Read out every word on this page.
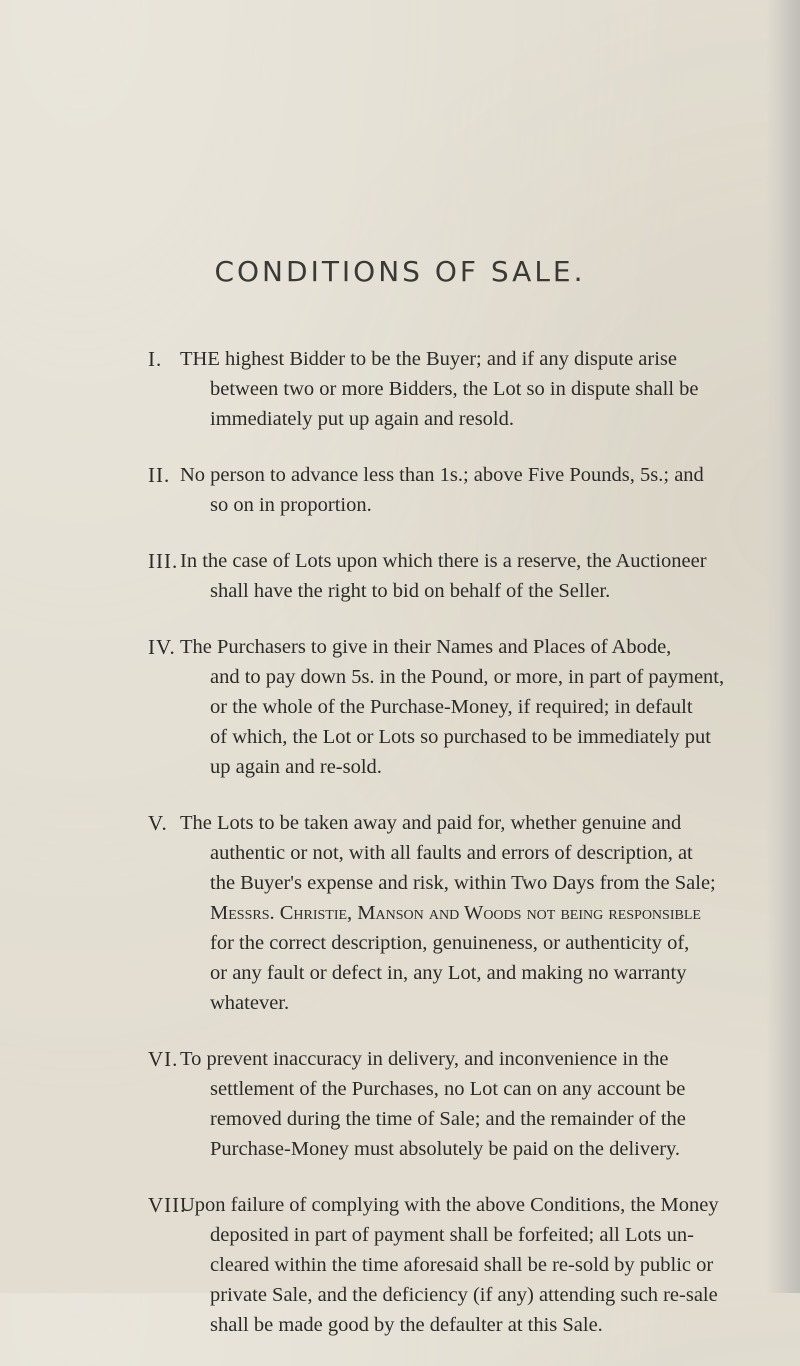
CONDITIONS OF SALE.
I. THE highest Bidder to be the Buyer; and if any dispute arise
between two or more Bidders, the Lot so in dispute shall be
immediately put up again and resold.
II. No person to advance less than 1s.; above Five Pounds, 5s.; and
so on in proportion.
III. In the case of Lots upon which there is a reserve, the Auctioneer
shall have the right to bid on behalf of the Seller.
IV. The Purchasers to give in their Names and Places of Abode,
and to pay down 5s. in the Pound, or more, in part of payment,
or the whole of the Purchase-Money, if required; in default
of which, the Lot or Lots so purchased to be immediately put
up again and re-sold.
V. The Lots to be taken away and paid for, whether genuine and
authentic or not, with all faults and errors of description, at
the Buyer's expense and risk, within Two Days from the Sale;
Messrs. Christie, Manson and Woods not being responsible
for the correct description, genuineness, or authenticity of,
or any fault or defect in, any Lot, and making no warranty
whatever.
VI. To prevent inaccuracy in delivery, and inconvenience in the
settlement of the Purchases, no Lot can on any account be
removed during the time of Sale; and the remainder of the
Purchase-Money must absolutely be paid on the delivery.
VII.
Upon failure of complying with the above Conditions, the Money
deposited in part of payment shall be forfeited; all Lots un-
cleared within the time aforesaid shall be re-sold by public or
private Sale, and the deficiency (if any) attending such re-sale
shall be made good by the defaulter at this Sale.
